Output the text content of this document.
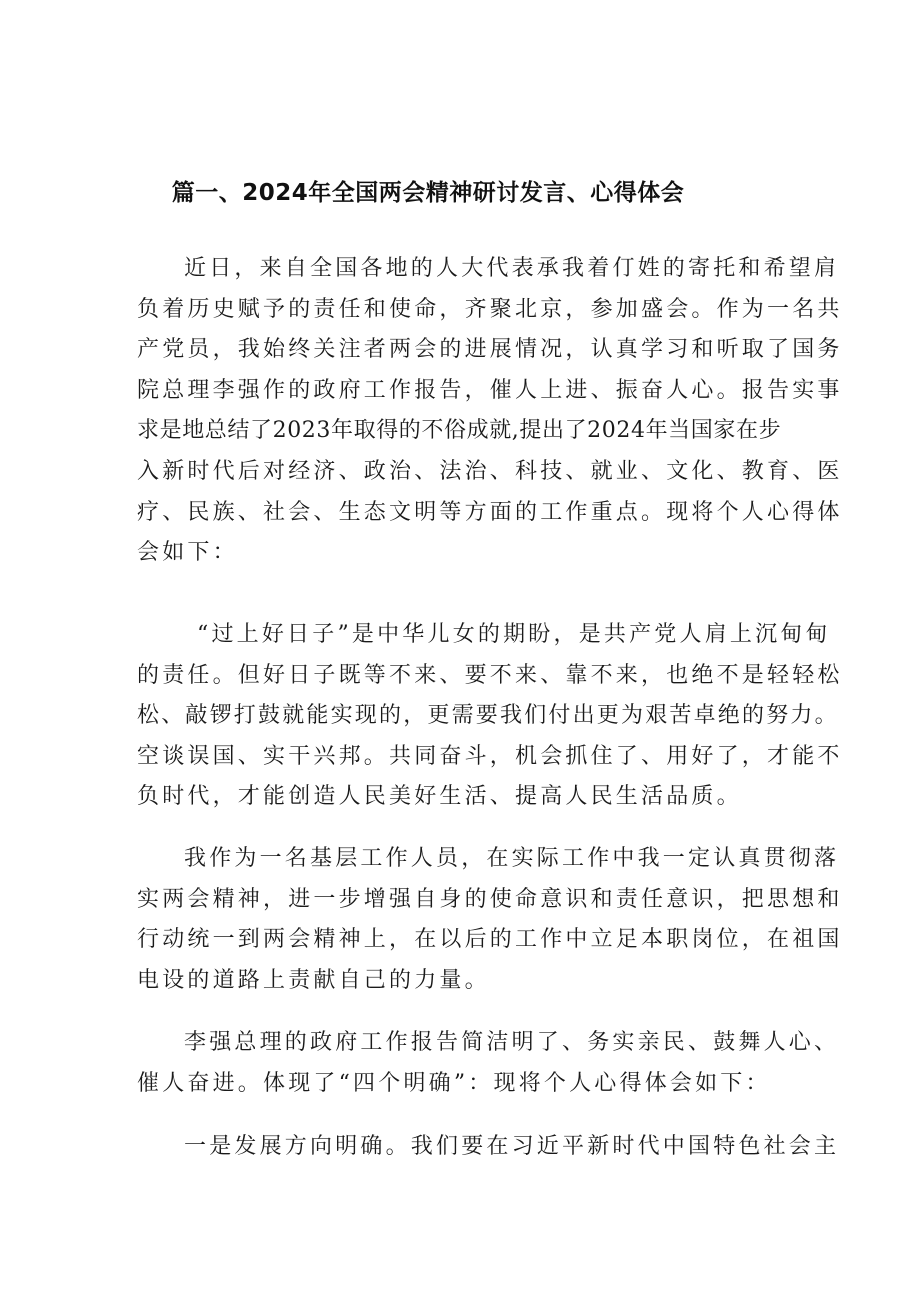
篇一、2024年全国两会精神研讨发言、心得体会

近日，来自全国各地的人大代表承我着仃姓的寄托和希望肩
负着历史赋予的责任和使命，齐聚北京，参加盛会。作为一名共
产党员，我始终关注者两会的进展情况，认真学习和听取了国务
院总理李强作的政府工作报告，催人上进、振奋人心。报告实事
求是地总结了2023年取得的不俗成就,提出了2024年当国家在步
入新时代后对经济、政治、法治、科技、就业、文化、教育、医
疗、民族、社会、生态文明等方面的工作重点。现将个人心得体
会如下：

“过上好日子”是中华儿女的期盼，是共产党人肩上沉甸甸
的责任。但好日子既等不来、要不来、靠不来，也绝不是轻轻松
松、敲锣打鼓就能实现的，更需要我们付出更为艰苦卓绝的努力。
空谈误国、实干兴邦。共同奋斗，机会抓住了、用好了，才能不
负时代，才能创造人民美好生活、提高人民生活品质。

我作为一名基层工作人员，在实际工作中我一定认真贯彻落
实两会精神，进一步增强自身的使命意识和责任意识，把思想和
行动统一到两会精神上，在以后的工作中立足本职岗位，在祖国
电设的道路上责献自己的力量。

李强总理的政府工作报告简洁明了、务实亲民、鼓舞人心、
催人奋进。体现了“四个明确”：现将个人心得体会如下：

一是发展方向明确。我们要在习近平新时代中国特色社会主
